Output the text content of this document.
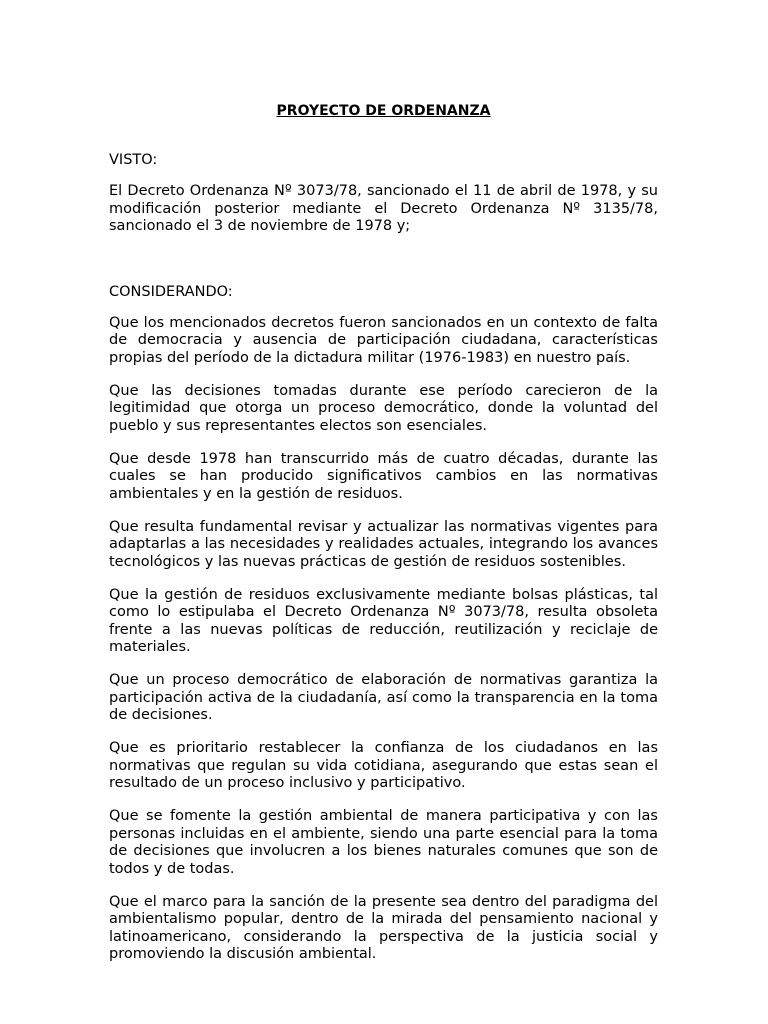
PROYECTO DE ORDENANZA

VISTO:

El Decreto Ordenanza Nº 3073/78, sancionado el 11 de abril de 1978, y su modificación posterior mediante el Decreto Ordenanza Nº 3135/78, sancionado el 3 de noviembre de 1978 y;

CONSIDERANDO:

Que los mencionados decretos fueron sancionados en un contexto de falta de democracia y ausencia de participación ciudadana, características propias del período de la dictadura militar (1976-1983) en nuestro país.

Que las decisiones tomadas durante ese período carecieron de la legitimidad que otorga un proceso democrático, donde la voluntad del pueblo y sus representantes electos son esenciales.

Que desde 1978 han transcurrido más de cuatro décadas, durante las cuales se han producido significativos cambios en las normativas ambientales y en la gestión de residuos.

Que resulta fundamental revisar y actualizar las normativas vigentes para adaptarlas a las necesidades y realidades actuales, integrando los avances tecnológicos y las nuevas prácticas de gestión de residuos sostenibles.

Que la gestión de residuos exclusivamente mediante bolsas plásticas, tal como lo estipulaba el Decreto Ordenanza Nº 3073/78, resulta obsoleta frente a las nuevas políticas de reducción, reutilización y reciclaje de materiales.

Que un proceso democrático de elaboración de normativas garantiza la participación activa de la ciudadanía, así como la transparencia en la toma de decisiones.

Que es prioritario restablecer la confianza de los ciudadanos en las normativas que regulan su vida cotidiana, asegurando que estas sean el resultado de un proceso inclusivo y participativo.

Que se fomente la gestión ambiental de manera participativa y con las personas incluidas en el ambiente, siendo una parte esencial para la toma de decisiones que involucren a los bienes naturales comunes que son de todos y de todas.

Que el marco para la sanción de la presente sea dentro del paradigma del ambientalismo popular, dentro de la mirada del pensamiento nacional y latinoamericano, considerando la perspectiva de la justicia social y promoviendo la discusión ambiental.
